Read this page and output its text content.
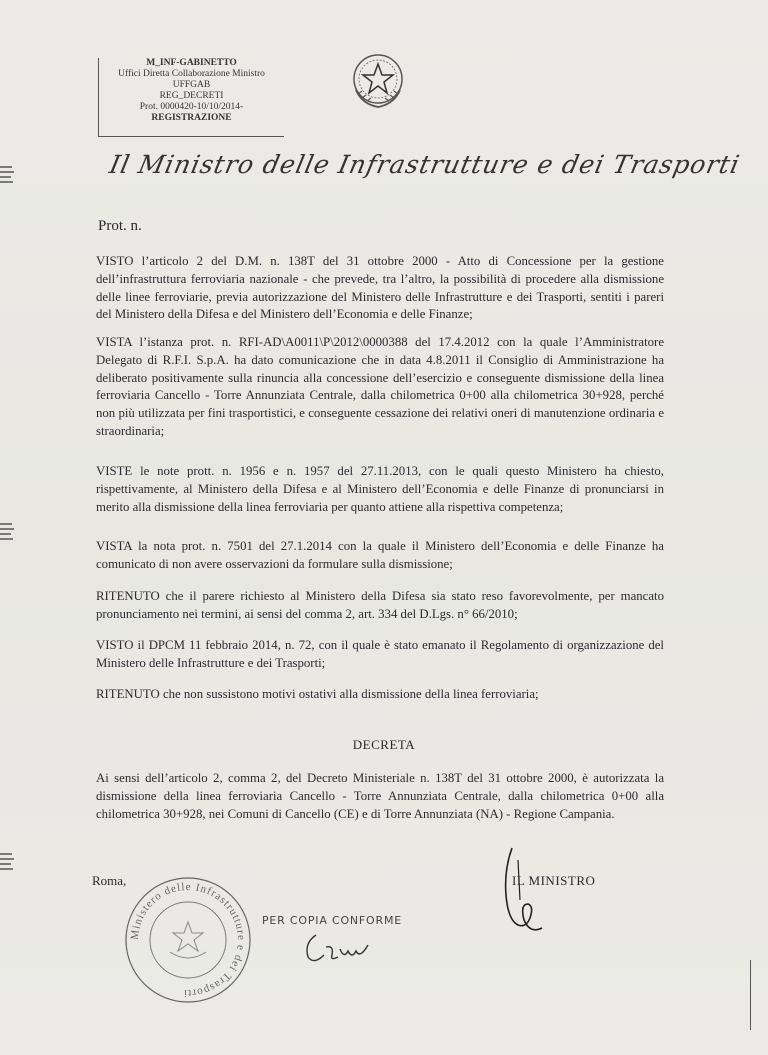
M_INF-GABINETTO
Uffici Diretta Collaborazione Ministro
UFFGAB
REG_DECRETI
Prot. 0000420-10/10/2014-
REGISTRAZIONE
Il Ministro delle Infrastrutture e dei Trasporti
Prot. n.
VISTO l’articolo 2 del D.M. n. 138T del 31 ottobre 2000 - Atto di Concessione per la gestione dell’infrastruttura ferroviaria nazionale - che prevede, tra l’altro, la possibilità di procedere alla dismissione delle linee ferroviarie, previa autorizzazione del Ministero delle Infrastrutture e dei Trasporti, sentiti i pareri del Ministero della Difesa e del Ministero dell’Economia e delle Finanze;
VISTA l’istanza prot. n. RFI-AD\A0011\P\2012\0000388 del 17.4.2012 con la quale l’Amministratore Delegato di R.F.I. S.p.A. ha dato comunicazione che in data 4.8.2011 il Consiglio di Amministrazione ha deliberato positivamente sulla rinuncia alla concessione dell’esercizio e conseguente dismissione della linea ferroviaria Cancello - Torre Annunziata Centrale, dalla chilometrica 0+00 alla chilometrica 30+928, perché non più utilizzata per fini trasportistici, e conseguente cessazione dei relativi oneri di manutenzione ordinaria e straordinaria;
VISTE le note prott. n. 1956 e n. 1957 del 27.11.2013, con le quali questo Ministero ha chiesto, rispettivamente, al Ministero della Difesa e al Ministero dell’Economia e delle Finanze di pronunciarsi in merito alla dismissione della linea ferroviaria per quanto attiene alla rispettiva competenza;
VISTA la nota prot. n. 7501 del 27.1.2014 con la quale il Ministero dell’Economia e delle Finanze ha comunicato di non avere osservazioni da formulare sulla dismissione;
RITENUTO che il parere richiesto al Ministero della Difesa sia stato reso favorevolmente, per mancato pronunciamento nei termini, ai sensi del comma 2, art. 334 del D.Lgs. n° 66/2010;
VISTO il DPCM 11 febbraio 2014, n. 72, con il quale è stato emanato il Regolamento di organizzazione del Ministero delle Infrastrutture e dei Trasporti;
RITENUTO che non sussistono motivi ostativi alla dismissione della linea ferroviaria;
DECRETA
Ai sensi dell’articolo 2, comma 2, del Decreto Ministeriale n. 138T del 31 ottobre 2000, è autorizzata la dismissione della linea ferroviaria Cancello - Torre Annunziata Centrale, dalla chilometrica 0+00 alla chilometrica 30+928, nei Comuni di Cancello (CE) e di Torre Annunziata (NA) - Regione Campania.
Roma,	IL MINISTRO
Ministero delle Infrastrutture e dei Trasporti
PER COPIA CONFORME
